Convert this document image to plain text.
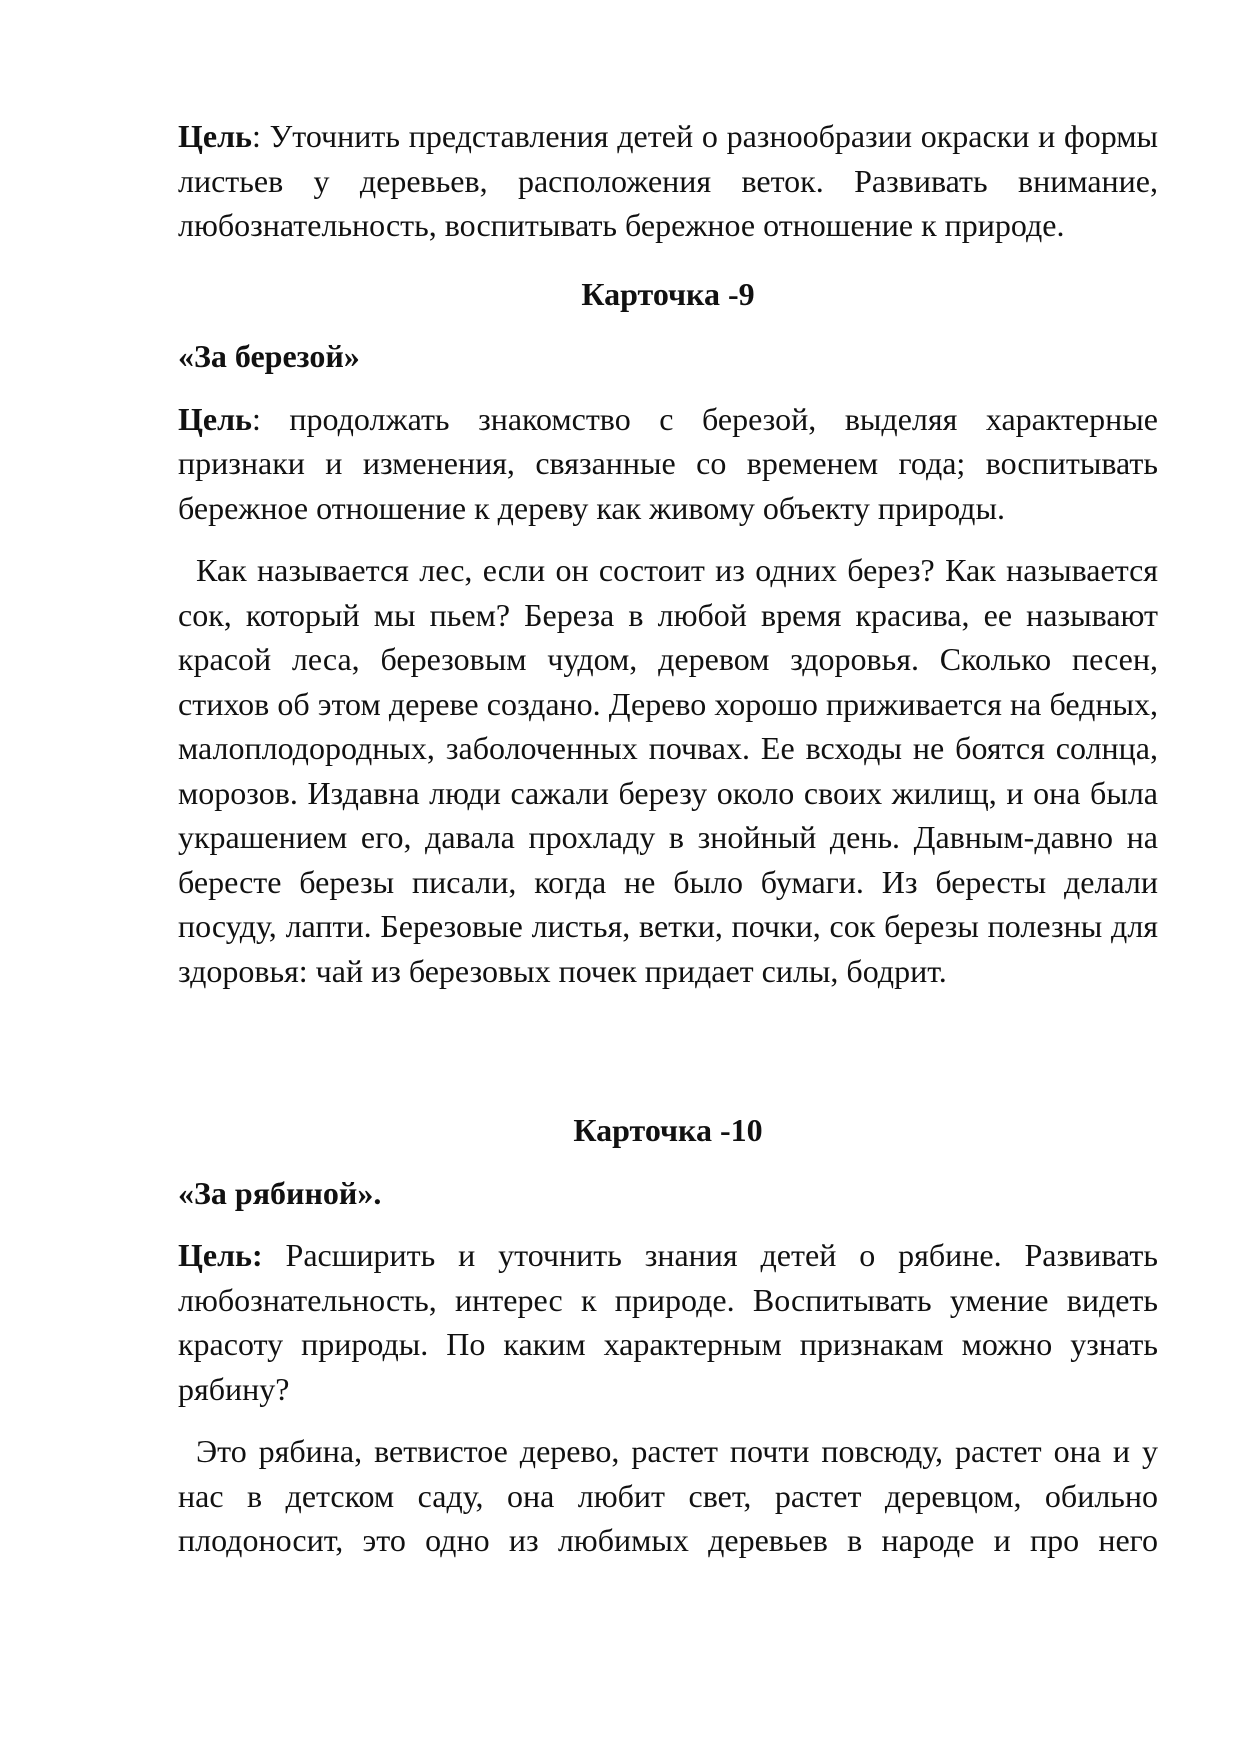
Цель: Уточнить представления детей о разнообразии окраски и формы листьев у деревьев, расположения веток. Развивать внимание, любознательность, воспитывать бережное отношение к природе.

Карточка -9

«За березой»

Цель: продолжать знакомство с березой, выделяя характерные признаки и изменения, связанные со временем года; воспитывать бережное отношение к дереву как живому объекту природы.

Как называется лес, если он состоит из одних берез? Как называется сок, который мы пьем? Береза в любой время красива, ее называют красой леса, березовым чудом, деревом здоровья. Сколько песен, стихов об этом дереве создано. Дерево хорошо приживается на бедных, малоплодородных, заболоченных почвах. Ее всходы не боятся солнца, морозов. Издавна люди сажали березу около своих жилищ, и она была украшением его, давала прохладу в знойный день. Давным-давно на бересте березы писали, когда не было бумаги. Из бересты делали посуду, лапти. Березовые листья, ветки, почки, сок березы полезны для здоровья: чай из березовых почек придает силы, бодрит.

Карточка -10

«За рябиной».

Цель: Расширить и уточнить знания детей о рябине. Развивать любознательность, интерес к природе. Воспитывать умение видеть красоту природы. По каким характерным признакам можно узнать рябину?

Это рябина, ветвистое дерево, растет почти повсюду, растет она и у нас в детском саду, она любит свет, растет деревцом, обильно плодоносит, это одно из любимых деревьев в народе и про него
